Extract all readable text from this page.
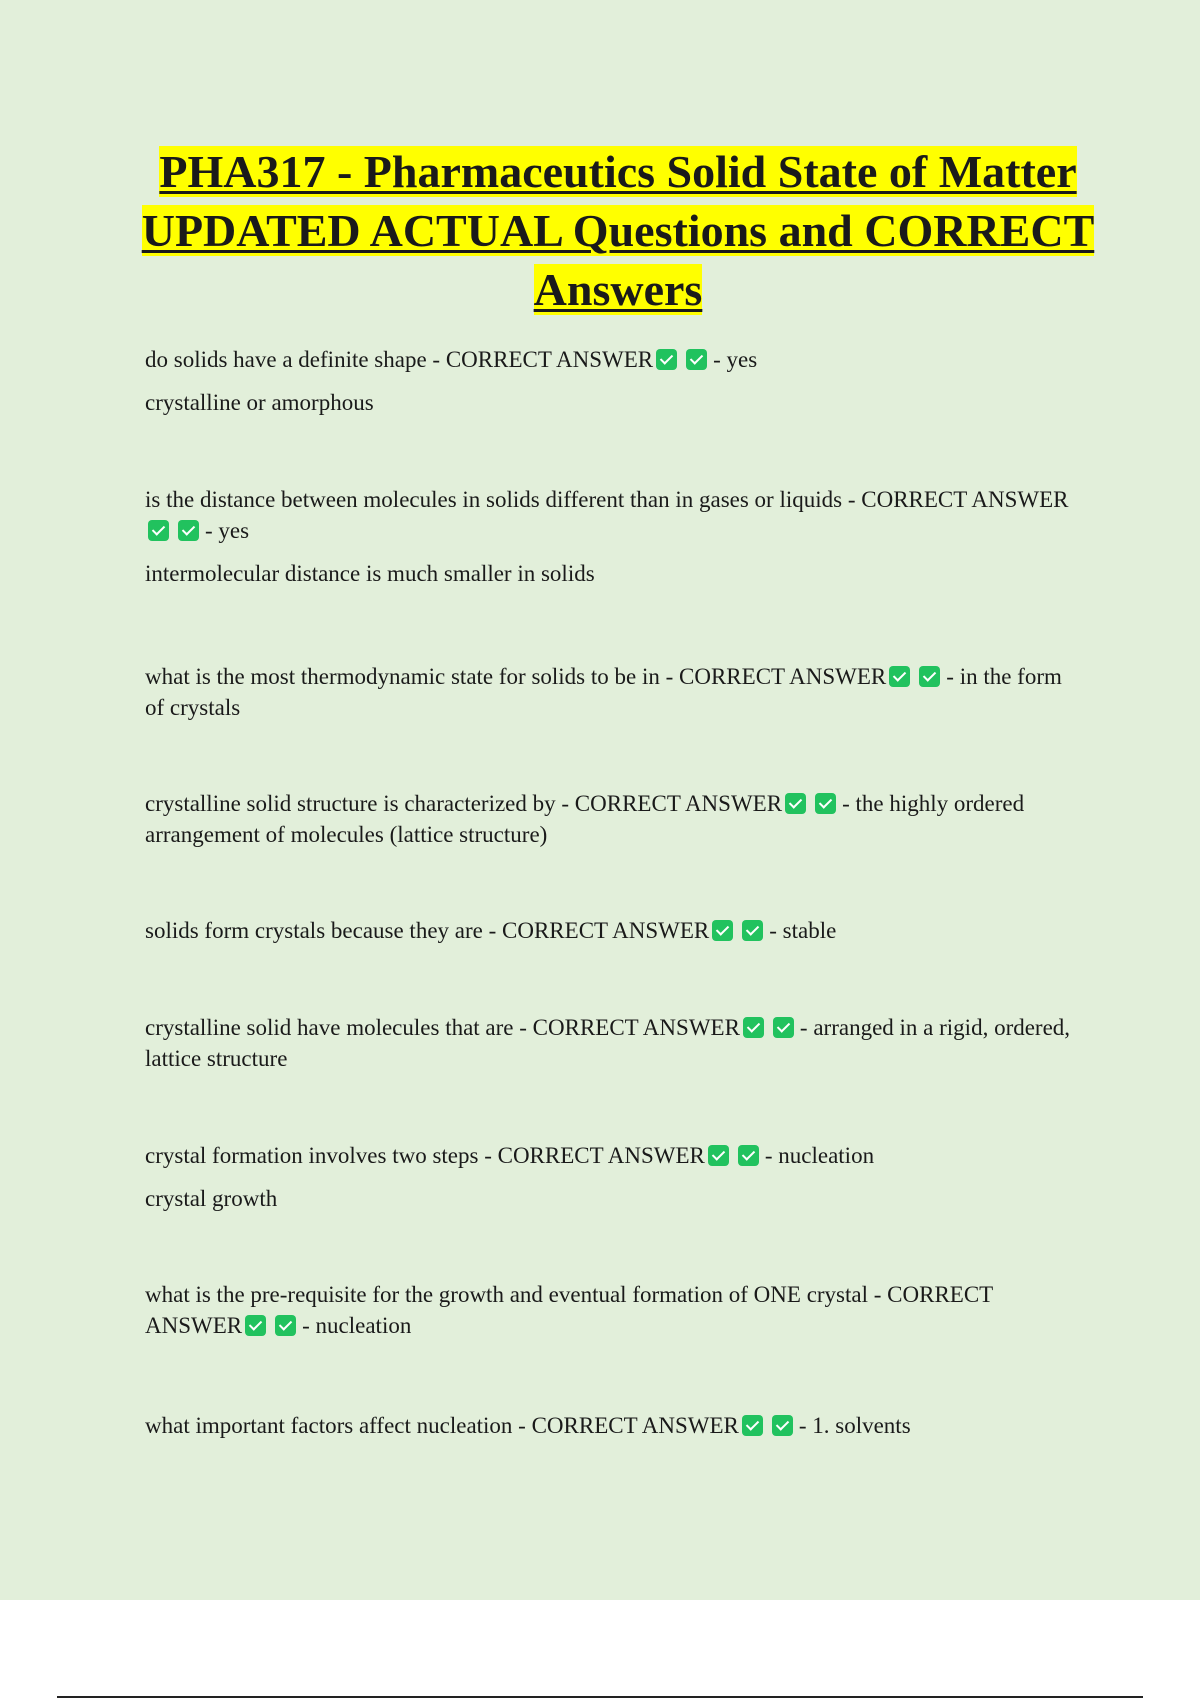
PHA317 - Pharmaceutics Solid State of Matter UPDATED ACTUAL Questions and CORRECT Answers

do solids have a definite shape - CORRECT ANSWER	- yes

crystalline or amorphous

is the distance between molecules in solids different than in gases or liquids - CORRECT ANSWER- yes

intermolecular distance is much smaller in solids

what is the most thermodynamic state for solids to be in - CORRECT ANSWER	- in the form of crystals

crystalline solid structure is characterized by - CORRECT ANSWER	- the highly ordered arrangement of molecules (lattice structure)

solids form crystals because they are - CORRECT ANSWER	- stable

crystalline solid have molecules that are - CORRECT ANSWER	- arranged in a rigid, ordered, lattice structure

crystal formation involves two steps - CORRECT ANSWER	- nucleation

crystal growth

what is the pre-requisite for the growth and eventual formation of ONE crystal - CORRECT ANSWER	- nucleation

what important factors affect nucleation - CORRECT ANSWER	- 1. solvents
